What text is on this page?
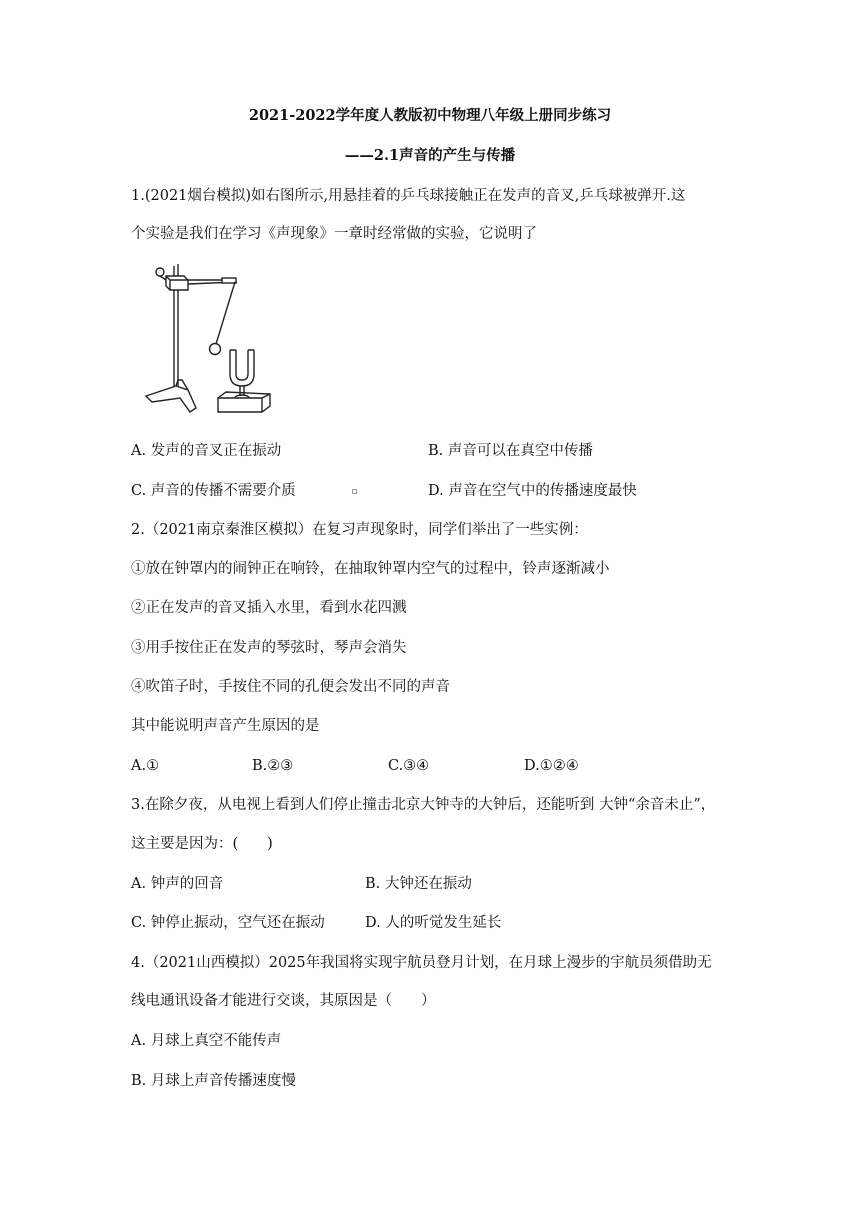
2021-2022学年度人教版初中物理八年级上册同步练习
——2.1声音的产生与传播
1.(2021烟台模拟)如右图所示,用悬挂着的乒乓球接触正在发声的音叉,乒乓球被弹开.这
个实验是我们在学习《声现象》一章时经常做的实验，它说明了
A. 发声的音叉正在振动	B. 声音可以在真空中传播
C. 声音的传播不需要介质	D. 声音在空气中的传播速度最快
2.（2021南京秦淮区模拟）在复习声现象时，同学们举出了一些实例：
①放在钟罩内的闹钟正在响铃，在抽取钟罩内空气的过程中，铃声逐渐减小
②正在发声的音叉插入水里，看到水花四溅
③用手按住正在发声的琴弦时，琴声会消失
④吹笛子时，手按住不同的孔便会发出不同的声音
其中能说明声音产生原因的是
A.①	B.②③	C.③④	D.①②④
3.在除夕夜，从电视上看到人们停止撞击北京大钟寺的大钟后，还能听到 大钟“余音未止”，
这主要是因为：(　　)
A. 钟声的回音	B. 大钟还在振动
C. 钟停止振动，空气还在振动	D. 人的听觉发生延长
4.（2021山西模拟）2025年我国将实现宇航员登月计划，在月球上漫步的宇航员须借助无
线电通讯设备才能进行交谈，其原因是（　　）
A. 月球上真空不能传声
B. 月球上声音传播速度慢
